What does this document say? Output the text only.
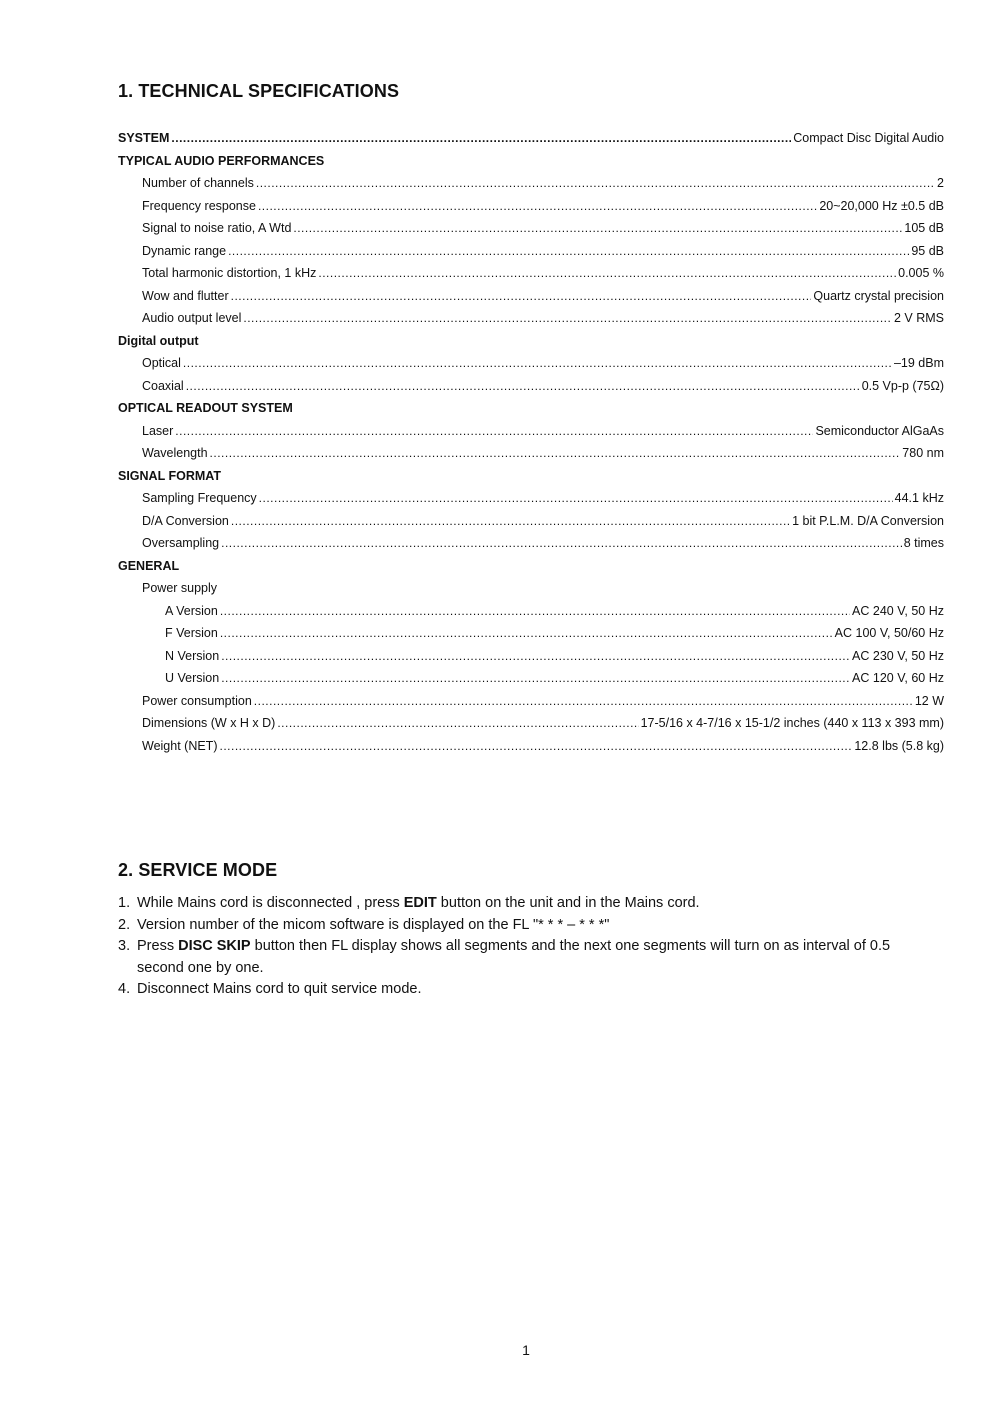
1. TECHNICAL SPECIFICATIONS
SYSTEM .....	Compact Disc Digital Audio
TYPICAL AUDIO PERFORMANCES
Number of channels .....	2
Frequency response .....	20~20,000 Hz ±0.5 dB
Signal to noise ratio, A Wtd .....	105 dB
Dynamic range .....	95 dB
Total harmonic distortion, 1 kHz .....	0.005 %
Wow and flutter .....	Quartz crystal precision
Audio output level .....	2 V RMS
Digital output
Optical .....	–19 dBm
Coaxial .....	0.5 Vp-p (75Ω)
OPTICAL READOUT SYSTEM
Laser .....	Semiconductor AlGaAs
Wavelength .....	780 nm
SIGNAL FORMAT
Sampling Frequency .....	44.1 kHz
D/A Conversion .....	1 bit P.L.M. D/A Conversion
Oversampling .....	8 times
GENERAL
Power supply
A Version .....	AC 240 V, 50 Hz
F Version .....	AC 100 V, 50/60 Hz
N Version .....	AC 230 V, 50 Hz
U Version .....	AC 120 V, 60 Hz
Power consumption .....	12 W
Dimensions (W x H x D) .....	17-5/16 x 4-7/16 x 15-1/2 inches (440 x 113 x 393 mm)
Weight (NET) .....	12.8 lbs (5.8 kg)
2. SERVICE MODE
1. While Mains cord is disconnected , press EDIT button on the unit and in the Mains cord.
2. Version number of the micom software is displayed on the FL "* * * – * * *"
3. Press DISC SKIP button then FL display shows all segments and the next one segments will turn on as interval of 0.5 second one by one.
4. Disconnect Mains cord to quit service mode.
1
